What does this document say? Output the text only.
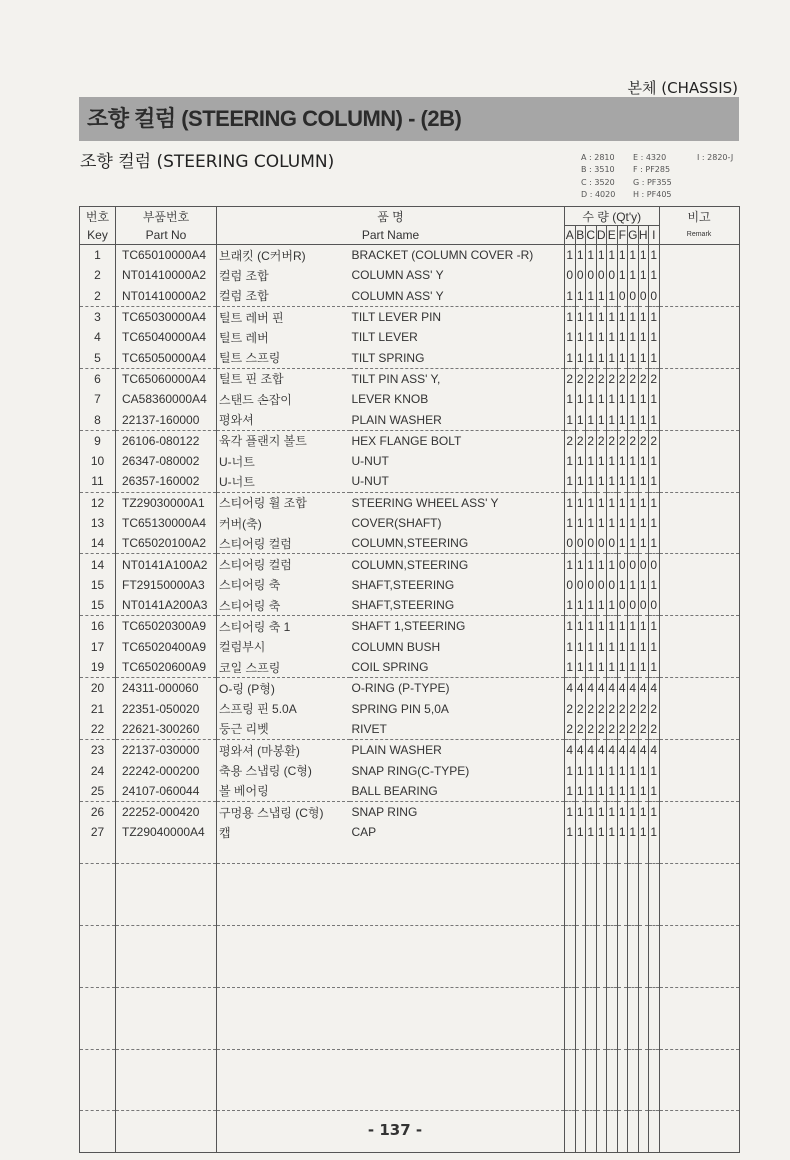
본체 (CHASSIS)
조향 컬럼 (STEERING COLUMN) - (2B)
조향 컬럼 (STEERING COLUMN)	A : 2810	E : 4320	I : 2820-J
B : 3510	F : PF285
C : 3520	G : PF355
D : 4020	H : PF405
번호	부품번호	품 명		수 량 (Qt'y)									비고
Key	Part No	Part Name		A	B	C	D	E	F	G	H	I	Remark
1	TC65010000A4	브래킷 (C커버R)	BRACKET (COLUMN COVER -R)	1	1	1	1	1	1	1	1	1	
2	NT01410000A2	컬럼 조합	COLUMN ASS' Y	0	0	0	0	0	1	1	1	1	
2	NT01410000A2	컬럼 조합	COLUMN ASS' Y	1	1	1	1	1	0	0	0	0	
3	TC65030000A4	틸트 레버 핀	TILT LEVER PIN	1	1	1	1	1	1	1	1	1	
4	TC65040000A4	틸트 레버	TILT LEVER	1	1	1	1	1	1	1	1	1	
5	TC65050000A4	틸트 스프링	TILT SPRING	1	1	1	1	1	1	1	1	1	
6	TC65060000A4	틸트 핀 조합	TILT PIN ASS' Y,	2	2	2	2	2	2	2	2	2	
7	CA58360000A4	스탠드 손잡이	LEVER KNOB	1	1	1	1	1	1	1	1	1	
8	22137-160000	평와셔	PLAIN WASHER	1	1	1	1	1	1	1	1	1	
9	26106-080122	육각 플랜지 볼트	HEX FLANGE BOLT	2	2	2	2	2	2	2	2	2	
10	26347-080002	U-너트	U-NUT	1	1	1	1	1	1	1	1	1	
11	26357-160002	U-너트	U-NUT	1	1	1	1	1	1	1	1	1	
12	TZ29030000A1	스티어링 휠 조합	STEERING WHEEL ASS' Y	1	1	1	1	1	1	1	1	1	
13	TC65130000A4	커버(축)	COVER(SHAFT)	1	1	1	1	1	1	1	1	1	
14	TC65020100A2	스티어링 컬럼	COLUMN,STEERING	0	0	0	0	0	1	1	1	1	
14	NT0141A100A2	스티어링 컬럼	COLUMN,STEERING	1	1	1	1	1	0	0	0	0	
15	FT29150000A3	스티어링 축	SHAFT,STEERING	0	0	0	0	0	1	1	1	1	
15	NT0141A200A3	스티어링 축	SHAFT,STEERING	1	1	1	1	1	0	0	0	0	
16	TC65020300A9	스티어링 축 1	SHAFT 1,STEERING	1	1	1	1	1	1	1	1	1	
17	TC65020400A9	컬럼부시	COLUMN BUSH	1	1	1	1	1	1	1	1	1	
19	TC65020600A9	코일 스프링	COIL SPRING	1	1	1	1	1	1	1	1	1	
20	24311-000060	O-링 (P형)	O-RING (P-TYPE)	4	4	4	4	4	4	4	4	4	
21	22351-050020	스프링 핀 5.0A	SPRING PIN 5,0A	2	2	2	2	2	2	2	2	2	
22	22621-300260	둥근 리벳	RIVET	2	2	2	2	2	2	2	2	2	
23	22137-030000	평와셔 (마봉환)	PLAIN WASHER	4	4	4	4	4	4	4	4	4	
24	22242-000200	축용 스냅링 (C형)	SNAP RING(C-TYPE)	1	1	1	1	1	1	1	1	1	
25	24107-060044	볼 베어링	BALL BEARING	1	1	1	1	1	1	1	1	1	
26	22252-000420	구멍용 스냅링 (C형)	SNAP RING	1	1	1	1	1	1	1	1	1	
27	TZ29040000A4	캡	CAP	1	1	1	1	1	1	1	1	1	

- 137 -
